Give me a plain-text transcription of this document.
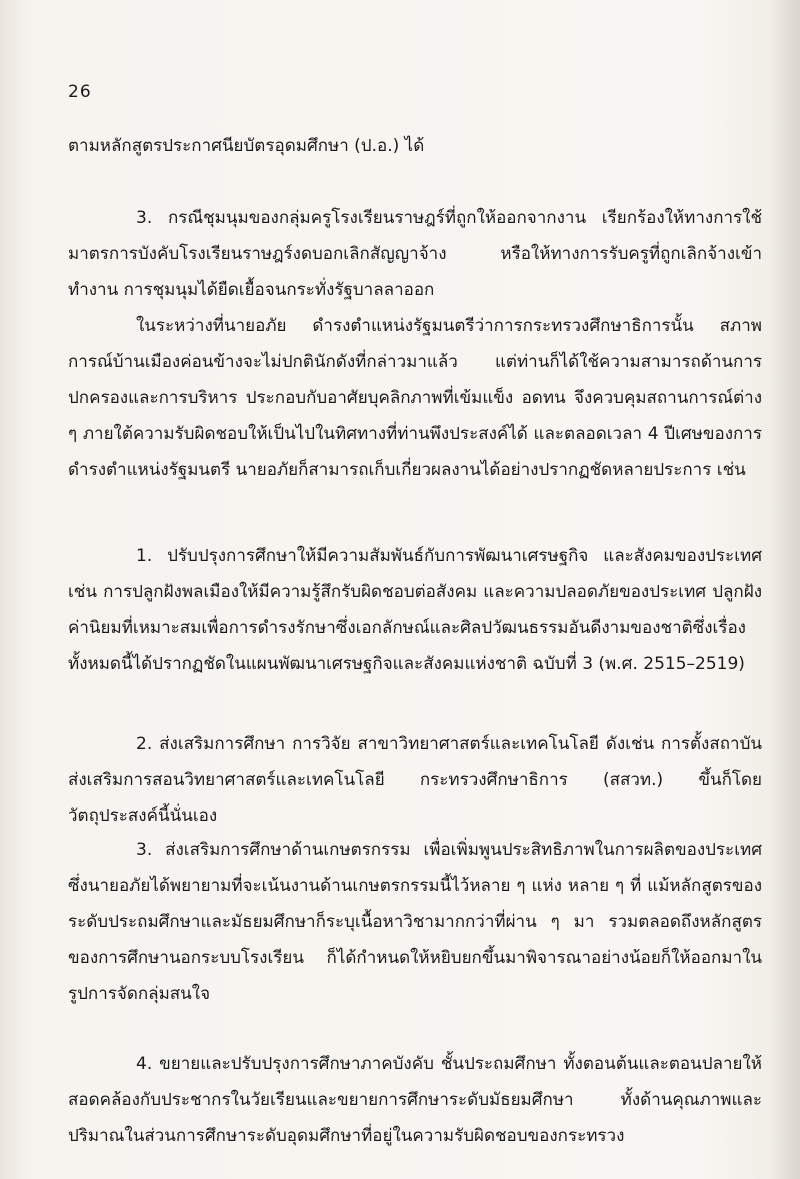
26
ตามหลักสูตรประกาศนียบัตรอุดมศึกษา (ป.อ.) ได้

3. กรณีชุมนุมของกลุ่มครูโรงเรียนราษฎร์ที่ถูกให้ออกจากงาน เรียกร้องให้ทางการใช้มาตรการบังคับโรงเรียนราษฎร์งดบอกเลิกสัญญาจ้าง หรือให้ทางการรับครูที่ถูกเลิกจ้างเข้าทำงาน การชุมนุมได้ยืดเยื้อจนกระทั่งรัฐบาลลาออก

ในระหว่างที่นายอภัย ดำรงตำแหน่งรัฐมนตรีว่าการกระทรวงศึกษาธิการนั้น สภาพการณ์บ้านเมืองค่อนข้างจะไม่ปกตินักดังที่กล่าวมาแล้ว แต่ท่านก็ได้ใช้ความสามารถด้านการปกครองและการบริหาร ประกอบกับอาศัยบุคลิกภาพที่เข้มแข็ง อดทน จึงควบคุมสถานการณ์ต่าง ๆ ภายใต้ความรับผิดชอบให้เป็นไปในทิศทางที่ท่านพึงประสงค์ได้ และตลอดเวลา 4 ปีเศษของการดำรงตำแหน่งรัฐมนตรี นายอภัยก็สามารถเก็บเกี่ยวผลงานได้อย่างปรากฏชัดหลายประการ เช่น

1. ปรับปรุงการศึกษาให้มีความสัมพันธ์กับการพัฒนาเศรษฐกิจ และสังคมของประเทศ เช่น การปลูกฝังพลเมืองให้มีความรู้สึกรับผิดชอบต่อสังคม และความปลอดภัยของประเทศ ปลูกฝังค่านิยมที่เหมาะสมเพื่อการดำรงรักษาซึ่งเอกลักษณ์และศิลปวัฒนธรรมอันดีงามของชาติซึ่งเรื่องทั้งหมดนี้ได้ปรากฏชัดในแผนพัฒนาเศรษฐกิจและสังคมแห่งชาติ ฉบับที่ 3 (พ.ศ. 2515–2519)

2. ส่งเสริมการศึกษา การวิจัย สาขาวิทยาศาสตร์และเทคโนโลยี ดังเช่น การตั้งสถาบันส่งเสริมการสอนวิทยาศาสตร์และเทคโนโลยี กระทรวงศึกษาธิการ (สสวท.) ขึ้นก็โดยวัตถุประสงค์นี้นั่นเอง

3. ส่งเสริมการศึกษาด้านเกษตรกรรม เพื่อเพิ่มพูนประสิทธิภาพในการผลิตของประเทศ ซึ่งนายอภัยได้พยายามที่จะเน้นงานด้านเกษตรกรรมนี้ไว้หลาย ๆ แห่ง หลาย ๆ ที่ แม้หลักสูตรของระดับประถมศึกษาและมัธยมศึกษาก็ระบุเนื้อหาวิชามากกว่าที่ผ่าน ๆ มา รวมตลอดถึงหลักสูตรของการศึกษานอกระบบโรงเรียน ก็ได้กำหนดให้หยิบยกขึ้นมาพิจารณาอย่างน้อยก็ให้ออกมาในรูปการจัดกลุ่มสนใจ

4. ขยายและปรับปรุงการศึกษาภาคบังคับ ชั้นประถมศึกษา ทั้งตอนต้นและตอนปลายให้สอดคล้องกับประชากรในวัยเรียนและขยายการศึกษาระดับมัธยมศึกษา ทั้งด้านคุณภาพและปริมาณในส่วนการศึกษาระดับอุดมศึกษาที่อยู่ในความรับผิดชอบของกระทรวง
